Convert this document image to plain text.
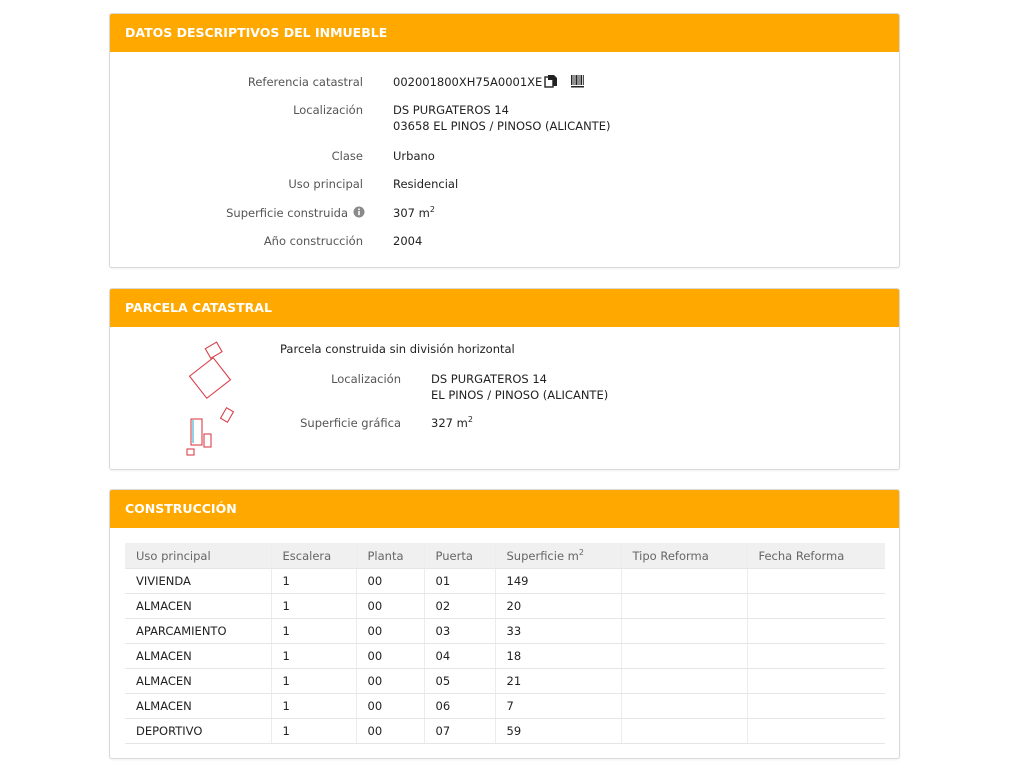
DATOS DESCRIPTIVOS DEL INMUEBLE
Referencia catastral	002001800XH75A0001XE
Localización	DS PURGATEROS 14
03658 EL PINOS / PINOSO (ALICANTE)
Clase	Urbano
Uso principal	Residencial
Superficie construida	307 $m^2$
Año construcción	2004
PARCELA CATASTRAL
Parcela construida sin división horizontal
Localización	DS PURGATEROS 14
EL PINOS / PINOSO (ALICANTE)
Superficie gráfica	327 $m^2$
CONSTRUCCIÓN
Uso principal	Escalera	Planta	Puerta	Superficie $m^2$	Tipo Reforma	Fecha Reforma
VIVIENDA	1	00	01	149		
ALMACEN	1	00	02	20		
APARCAMIENTO	1	00	03	33		
ALMACEN	1	00	04	18		
ALMACEN	1	00	05	21		
ALMACEN	1	00	06	7		
DEPORTIVO	1	00	07	59		
